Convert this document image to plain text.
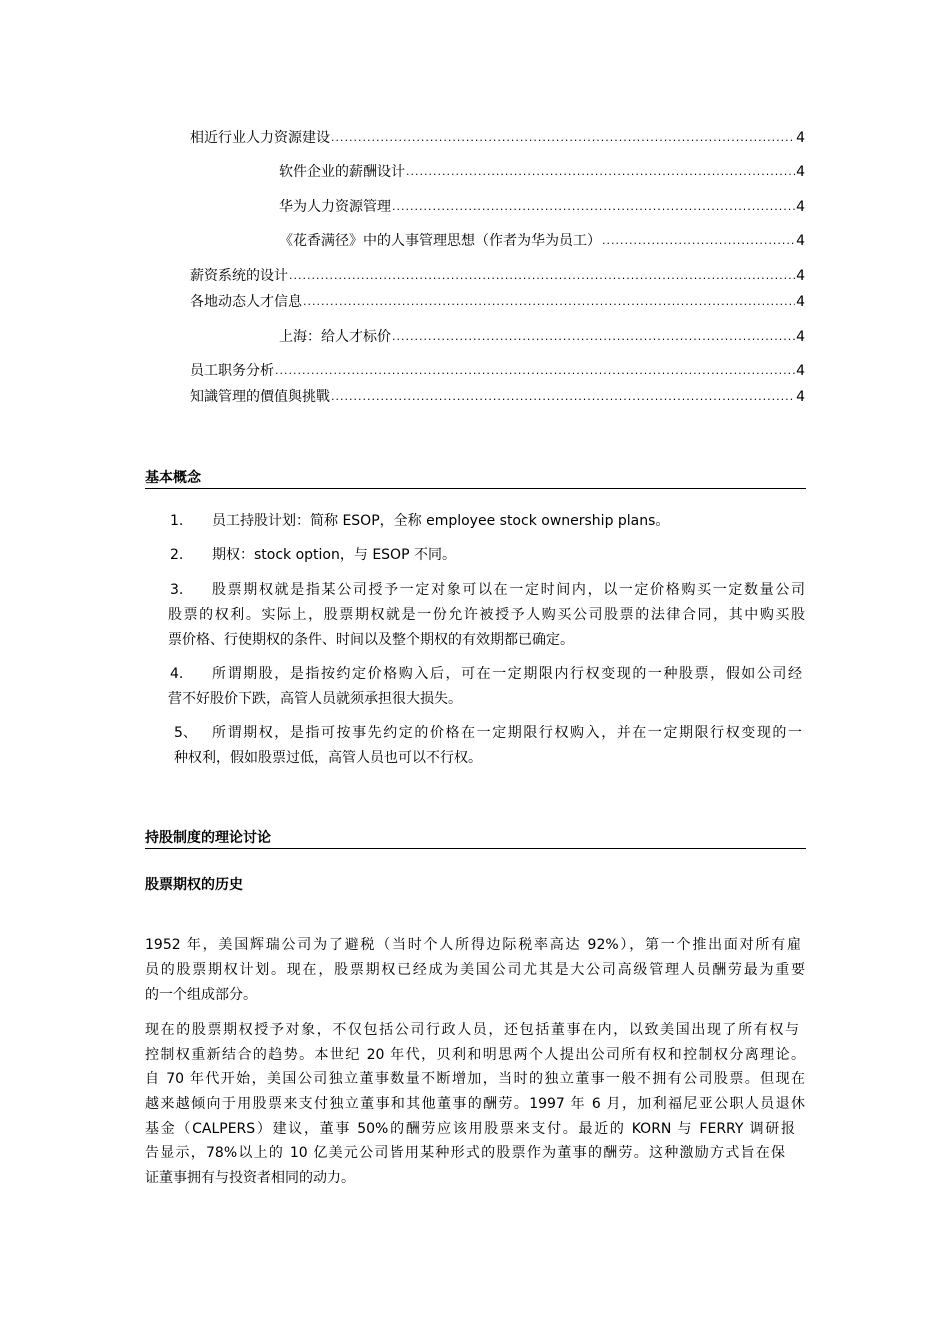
相近行业人力资源建设 .....	4
软件企业的薪酬设计 .....	4
华为人力资源管理 .....	4
《花香满径》中的人事管理思想（作者为华为员工） .....	4
薪资系统的设计 .....	4
各地动态人才信息 .....	4
上海：给人才标价 .....	4
员工职务分析 .....	4
知識管理的價值與挑戰 .....	4
基本概念
1. 员工持股计划：简称 ESOP，全称 employee stock ownership plans。
2. 期权：stock option，与 ESOP 不同。
3. 股票期权就是指某公司授予一定对象可以在一定时间内，以一定价格购买一定数量公司
股票的权利。实际上，股票期权就是一份允许被授予人购买公司股票的法律合同，其中购买股
票价格、行使期权的条件、时间以及整个期权的有效期都已确定。
4. 所谓期股，是指按约定价格购入后，可在一定期限内行权变现的一种股票，假如公司经
营不好股价下跌，高管人员就须承担很大损失。
5、 所谓期权，是指可按事先约定的价格在一定期限行权购入，并在一定期限行权变现的一
种权利，假如股票过低，高管人员也可以不行权。
持股制度的理论讨论
股票期权的历史
1952 年，美国辉瑞公司为了避税（当时个人所得边际税率高达 92%），第一个推出面对所有雇
员的股票期权计划。现在，股票期权已经成为美国公司尤其是大公司高级管理人员酬劳最为重要
的一个组成部分。
现在的股票期权授予对象，不仅包括公司行政人员，还包括董事在内，以致美国出现了所有权与
控制权重新结合的趋势。本世纪 20 年代，贝利和明思两个人提出公司所有权和控制权分离理论。
自 70 年代开始，美国公司独立董事数量不断增加，当时的独立董事一般不拥有公司股票。但现在
越来越倾向于用股票来支付独立董事和其他董事的酬劳。1997 年 6 月，加利福尼亚公职人员退休
基金（CALPERS）建议，董事 50%的酬劳应该用股票来支付。最近的 KORN 与 FERRY 调研报
告显示，78%以上的 10 亿美元公司皆用某种形式的股票作为董事的酬劳。这种激励方式旨在保
证董事拥有与投资者相同的动力。
